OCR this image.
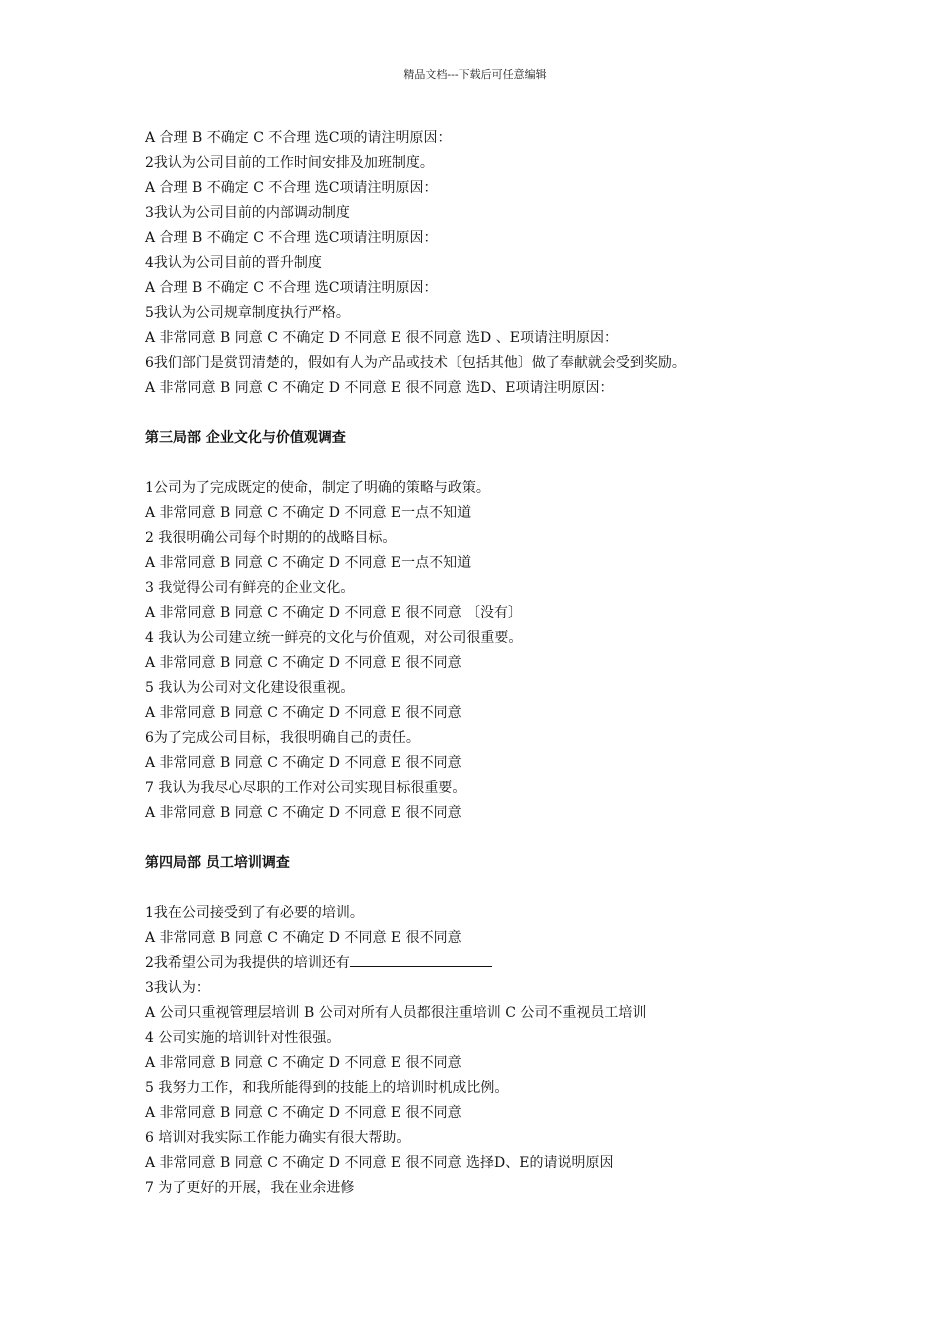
精品文档---下载后可任意编辑
A 合理 B 不确定 C 不合理 选C项的请注明原因：
2我认为公司目前的工作时间安排及加班制度。
A 合理 B 不确定 C 不合理 选C项请注明原因：
3我认为公司目前的内部调动制度
A 合理 B 不确定 C 不合理 选C项请注明原因：
4我认为公司目前的晋升制度
A 合理 B 不确定 C 不合理 选C项请注明原因：
5我认为公司规章制度执行严格。
A 非常同意 B 同意 C 不确定 D 不同意 E 很不同意 选D 、E项请注明原因：
6我们部门是赏罚清楚的，假如有人为产品或技术〔包括其他〕做了奉献就会受到奖励。
A 非常同意 B 同意 C 不确定 D 不同意 E 很不同意 选D、E项请注明原因：
第三局部 企业文化与价值观调查
1公司为了完成既定的使命，制定了明确的策略与政策。
A 非常同意 B 同意 C 不确定 D 不同意 E一点不知道
2 我很明确公司每个时期的的战略目标。
A 非常同意 B 同意 C 不确定 D 不同意 E一点不知道
3 我觉得公司有鲜亮的企业文化。
A 非常同意 B 同意 C 不确定 D 不同意 E 很不同意 〔没有〕
4 我认为公司建立统一鲜亮的文化与价值观，对公司很重要。
A 非常同意 B 同意 C 不确定 D 不同意 E 很不同意
5 我认为公司对文化建设很重视。
A 非常同意 B 同意 C 不确定 D 不同意 E 很不同意
6为了完成公司目标，我很明确自己的责任。
A 非常同意 B 同意 C 不确定 D 不同意 E 很不同意
7 我认为我尽心尽职的工作对公司实现目标很重要。
A 非常同意 B 同意 C 不确定 D 不同意 E 很不同意
第四局部 员工培训调查
1我在公司接受到了有必要的培训。
A 非常同意 B 同意 C 不确定 D 不同意 E 很不同意
2我希望公司为我提供的培训还有
3我认为：
A 公司只重视管理层培训 B 公司对所有人员都很注重培训 C 公司不重视员工培训
4 公司实施的培训针对性很强。
A 非常同意 B 同意 C 不确定 D 不同意 E 很不同意
5 我努力工作，和我所能得到的技能上的培训时机成比例。
A 非常同意 B 同意 C 不确定 D 不同意 E 很不同意
6 培训对我实际工作能力确实有很大帮助。
A 非常同意 B 同意 C 不确定 D 不同意 E 很不同意 选择D、E的请说明原因
7 为了更好的开展，我在业余进修
